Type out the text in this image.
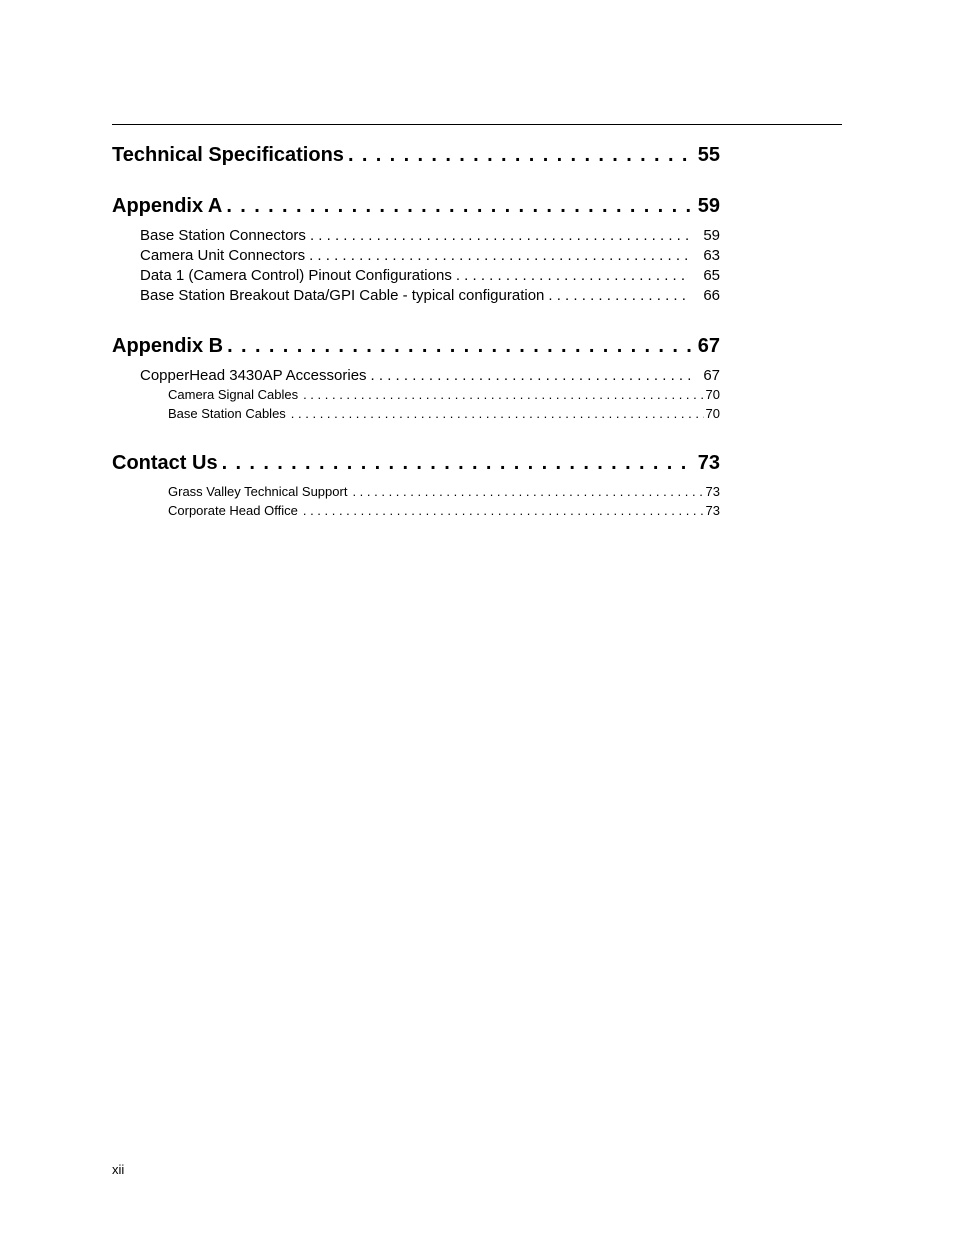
Technical Specifications . . .	55
Appendix A . . .	59
Base Station Connectors . . .	59
Camera Unit Connectors . . .	63
Data 1 (Camera Control) Pinout Configurations . . .	65
Base Station Breakout Data/GPI Cable - typical configuration . . .	66
Appendix B . . .	67
CopperHead 3430AP Accessories . . .	67
Camera Signal Cables . . .	70
Base Station Cables . . .	70
Contact Us . . .	73
Grass Valley Technical Support . . .	73
Corporate Head Office . . .	73
xii
